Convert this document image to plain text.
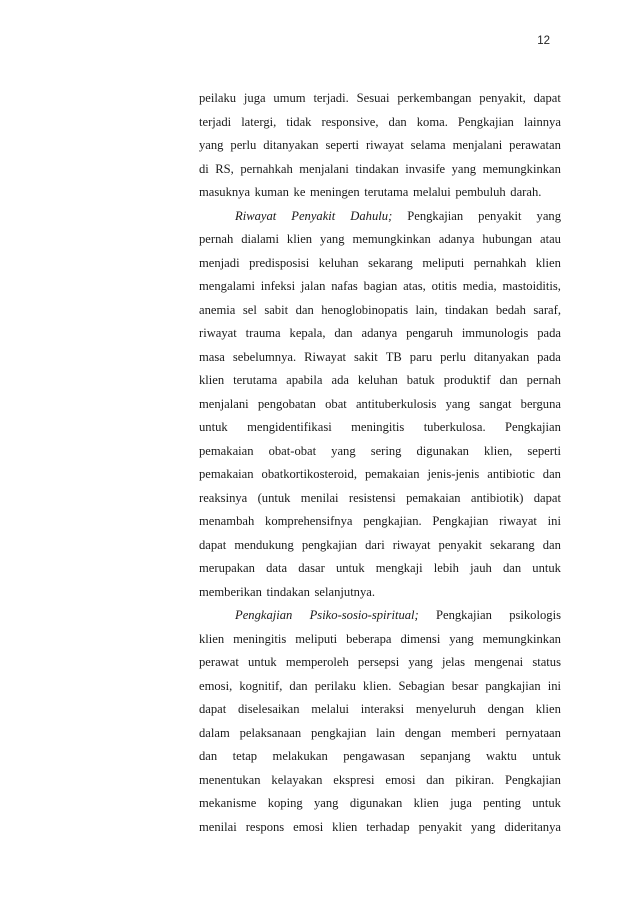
12
peilaku juga umum terjadi. Sesuai perkembangan penyakit, dapat
terjadi latergi, tidak responsive, dan koma. Pengkajian lainnya
yang perlu ditanyakan seperti riwayat selama menjalani perawatan
di RS, pernahkah menjalani tindakan invasife yang memungkinkan
masuknya kuman ke meningen terutama melalui pembuluh darah.
Riwayat Penyakit Dahulu; Pengkajian penyakit yang
pernah dialami klien yang memungkinkan adanya hubungan atau
menjadi predisposisi keluhan sekarang meliputi pernahkah klien
mengalami infeksi jalan nafas bagian atas, otitis media, mastoiditis,
anemia sel sabit dan henoglobinopatis lain, tindakan bedah saraf,
riwayat trauma kepala, dan adanya pengaruh immunologis pada
masa sebelumnya. Riwayat sakit TB paru perlu ditanyakan pada
klien terutama apabila ada keluhan batuk produktif dan pernah
menjalani pengobatan obat antituberkulosis yang sangat berguna
untuk mengidentifikasi meningitis tuberkulosa. Pengkajian
pemakaian obat-obat yang sering digunakan klien, seperti
pemakaian obatkortikosteroid, pemakaian jenis-jenis antibiotic dan
reaksinya (untuk menilai resistensi pemakaian antibiotik) dapat
menambah komprehensifnya pengkajian. Pengkajian riwayat ini
dapat mendukung pengkajian dari riwayat penyakit sekarang dan
merupakan data dasar untuk mengkaji lebih jauh dan untuk
memberikan tindakan selanjutnya.
Pengkajian Psiko-sosio-spiritual; Pengkajian psikologis
klien meningitis meliputi beberapa dimensi yang memungkinkan
perawat untuk memperoleh persepsi yang jelas mengenai status
emosi, kognitif, dan perilaku klien. Sebagian besar pangkajian ini
dapat diselesaikan melalui interaksi menyeluruh dengan klien
dalam pelaksanaan pengkajian lain dengan memberi pernyataan
dan tetap melakukan pengawasan sepanjang waktu untuk
menentukan kelayakan ekspresi emosi dan pikiran. Pengkajian
mekanisme koping yang digunakan klien juga penting untuk
menilai respons emosi klien terhadap penyakit yang dideritanya
